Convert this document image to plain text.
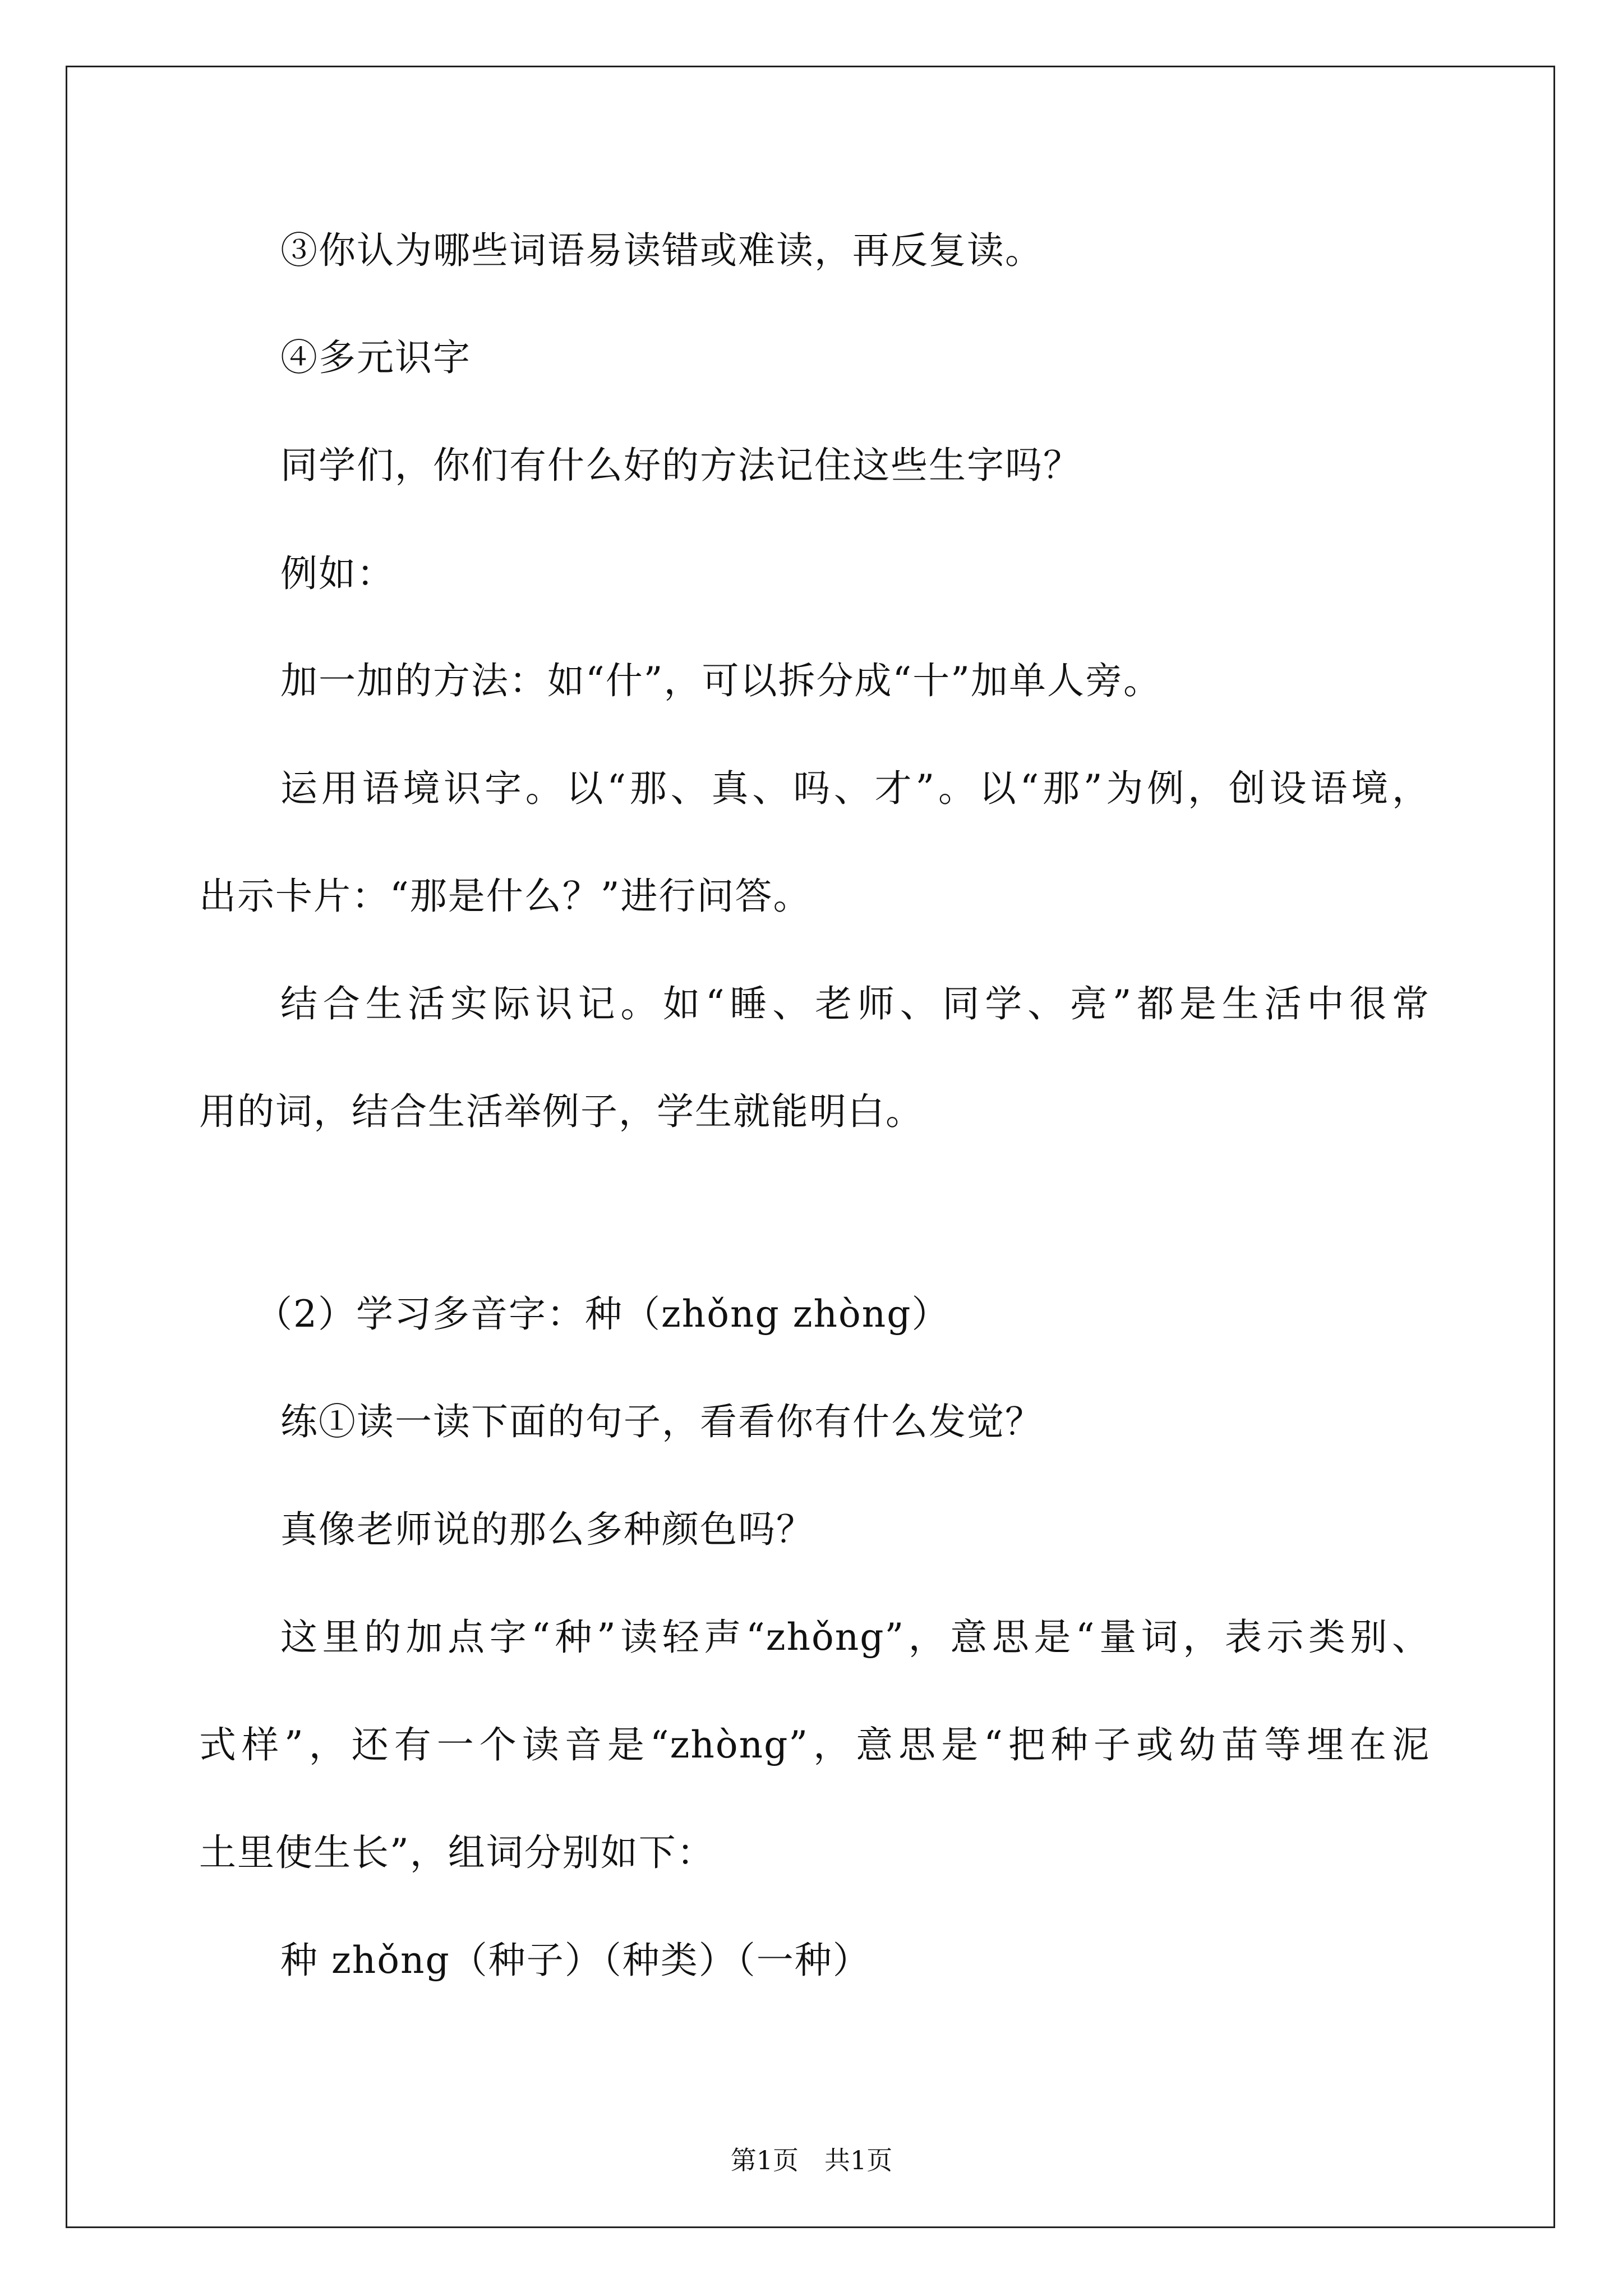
③你认为哪些词语易读错或难读，再反复读。
④多元识字
同学们，你们有什么好的方法记住这些生字吗？
例如：
加一加的方法：如“什”，可以拆分成“十”加单人旁。
运用语境识字。以“那、真、吗、才”。以“那”为例，创设语境，
出示卡片：“那是什么？”进行问答。
结合生活实际识记。如“睡、老师、同学、亮”都是生活中很常
用的词，结合生活举例子，学生就能明白。
（2）学习多音字：种（zhǒng zhòng）
练①读一读下面的句子，看看你有什么发觉？
真像老师说的那么多种颜色吗？
这里的加点字“种”读轻声“zhǒng”，意思是“量词，表示类别、
式样”，还有一个读音是“zhòng”，意思是“把种子或幼苗等埋在泥
土里使生长”，组词分别如下：
种 zhǒng（种子）（种类）（一种）
第1页　共1页
